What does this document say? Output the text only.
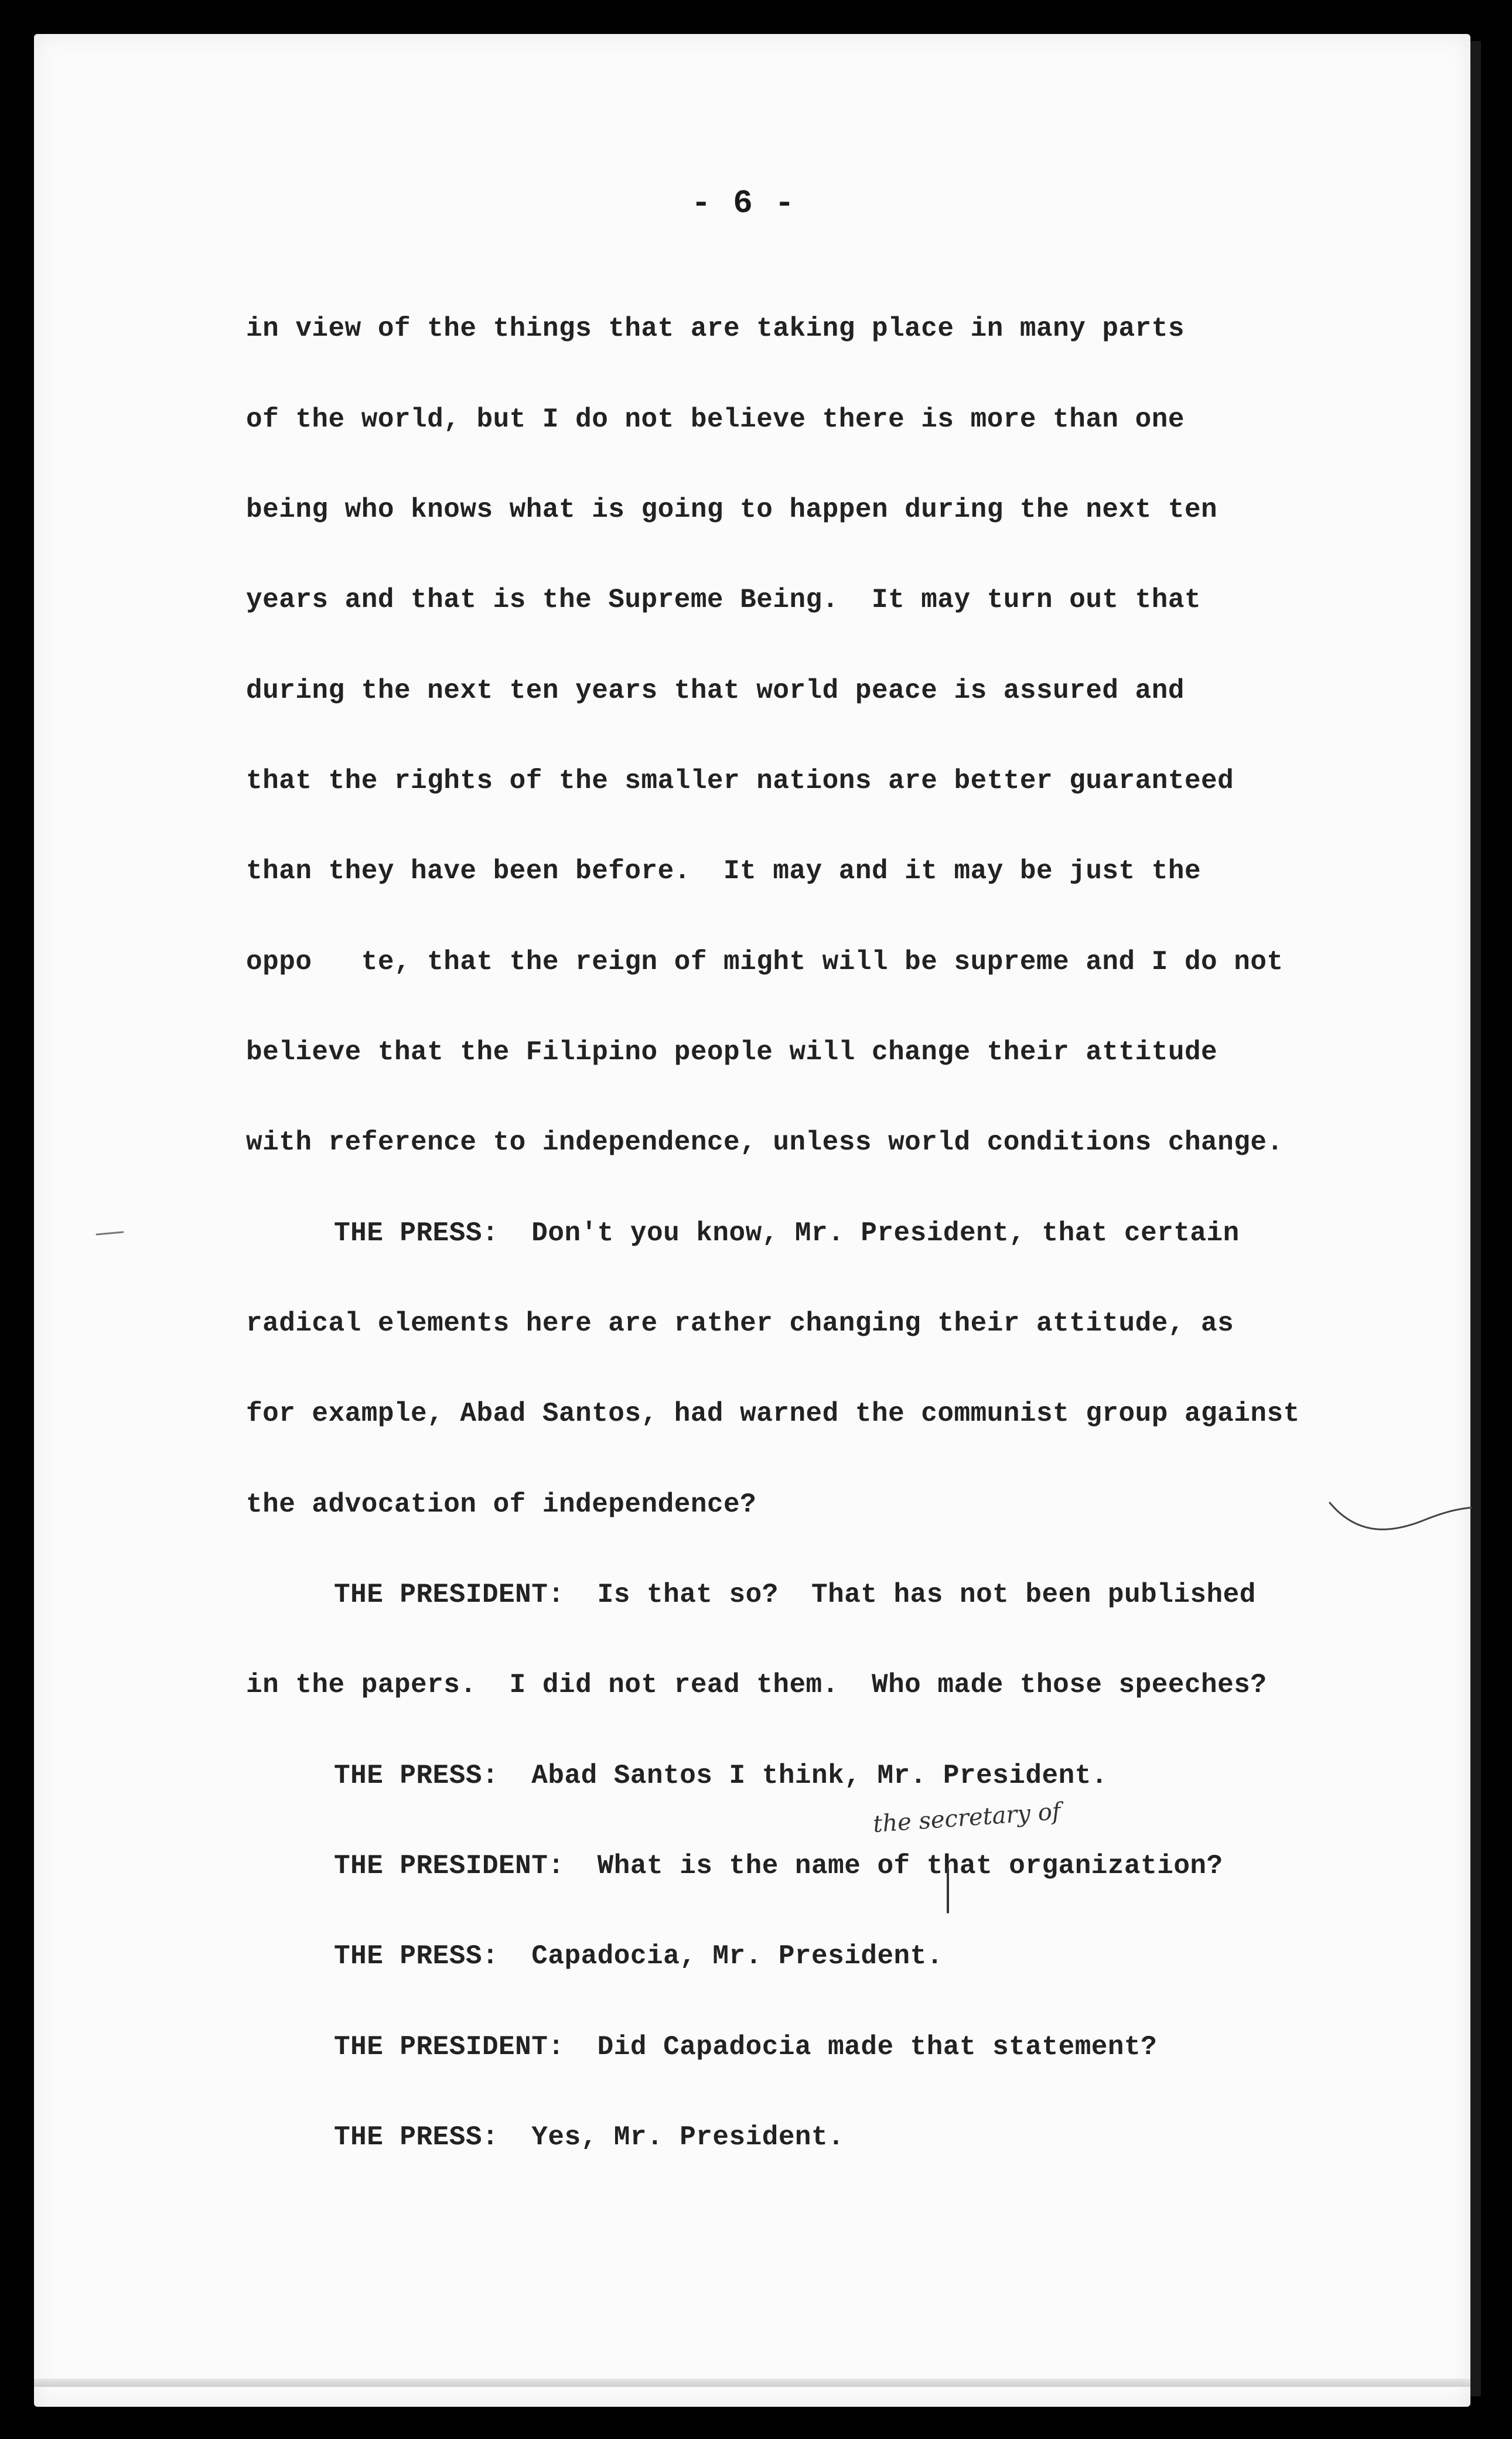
- 6 -
in view of the things that are taking place in many parts
of the world, but I do not believe there is more than one
being who knows what is going to happen during the next ten
years and that is the Supreme Being.  It may turn out that
during the next ten years that world peace is assured and
that the rights of the smaller nations are better guaranteed
than they have been before.  It may and it may be just the
oppo   te, that the reign of might will be supreme and I do not
believe that the Filipino people will change their attitude
with reference to independence, unless world conditions change.
THE PRESS:  Don't you know, Mr. President, that certain
radical elements here are rather changing their attitude, as
for example, Abad Santos, had warned the communist group against
the advocation of independence?
THE PRESIDENT:  Is that so?  That has not been published
in the papers.  I did not read them.  Who made those speeches?
THE PRESS:  Abad Santos I think, Mr. President.
THE PRESIDENT:  What is the name of that organization?
THE PRESS:  Capadocia, Mr. President.
THE PRESIDENT:  Did Capadocia made that statement?
THE PRESS:  Yes, Mr. President.
the secretary of
